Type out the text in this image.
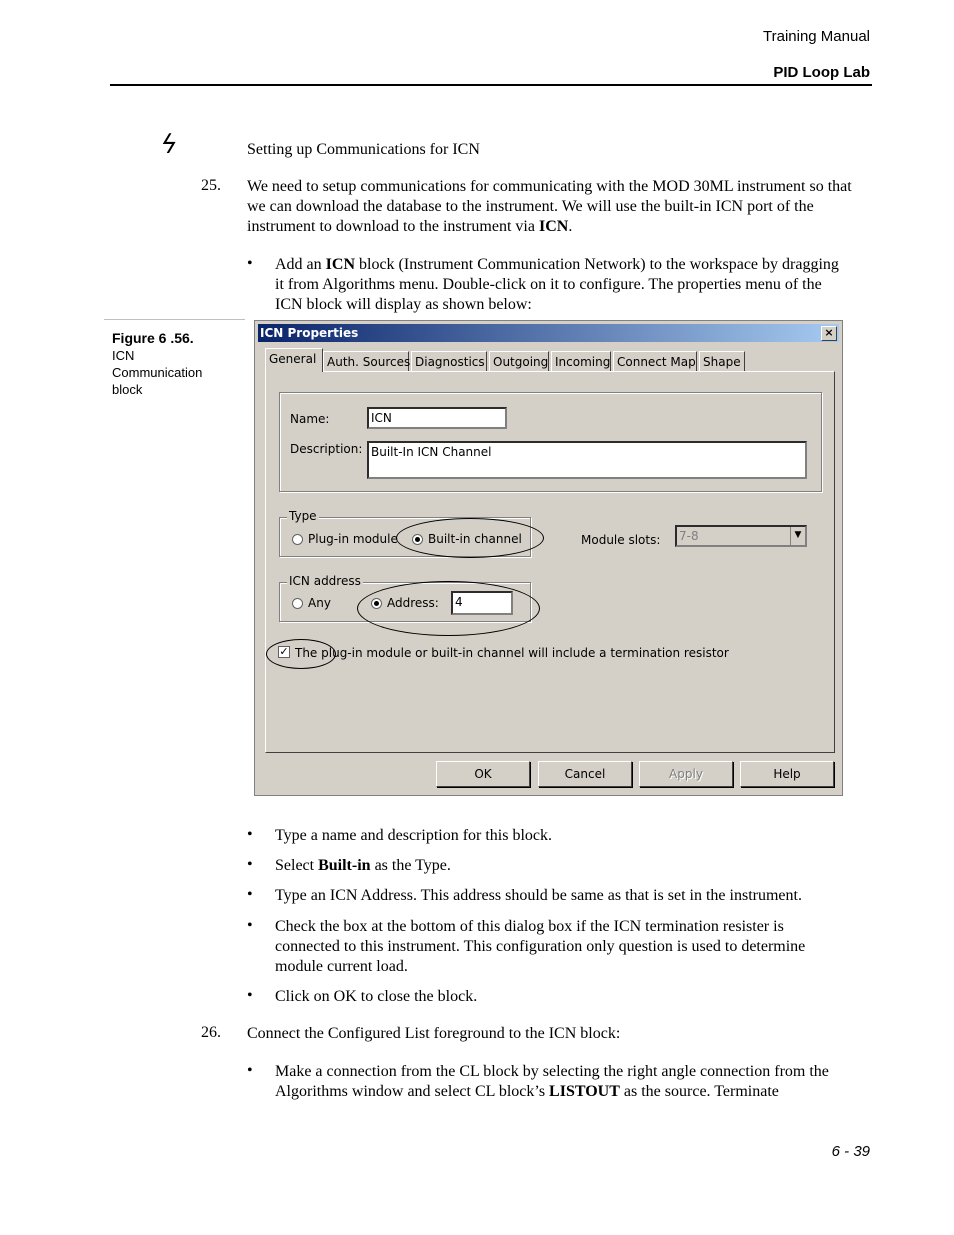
Training Manual
PID Loop Lab
ϟ	Setting up Communications for ICN
25. We need to setup communications for communicating with the MOD 30ML instrument so that we can download the database to the instrument. We will use the built-in ICN port of the instrument to download to the instrument via ICN.
• Add an ICN block (Instrument Communication Network) to the workspace by dragging it from Algorithms menu. Double-click on it to configure. The properties menu of the ICN block will display as shown below:
Figure 6 .56.
ICN Communication block
ICN Properties	×
General Auth. Sources Diagnostics Outgoing Incoming Connect Map Shape
Name:	ICN
Description: Built-In ICN Channel
Type
Plug-in module	Built-in channel	Module slots:	7-8	▼
ICN address
Any	Address:	4
✓ The plug-in module or built-in channel will include a termination resistor
OK	Cancel	Apply	Help
• Type a name and description for this block.
• Select Built-in as the Type.
• Type an ICN Address. This address should be same as that is set in the instrument.
• Check the box at the bottom of this dialog box if the ICN termination resister is connected to this instrument. This configuration only question is used to determine module current load.
• Click on OK to close the block.
26. Connect the Configured List foreground to the ICN block:
• Make a connection from the CL block by selecting the right angle connection from the Algorithms window and select CL block’s LISTOUT as the source. Terminate
6 - 39
